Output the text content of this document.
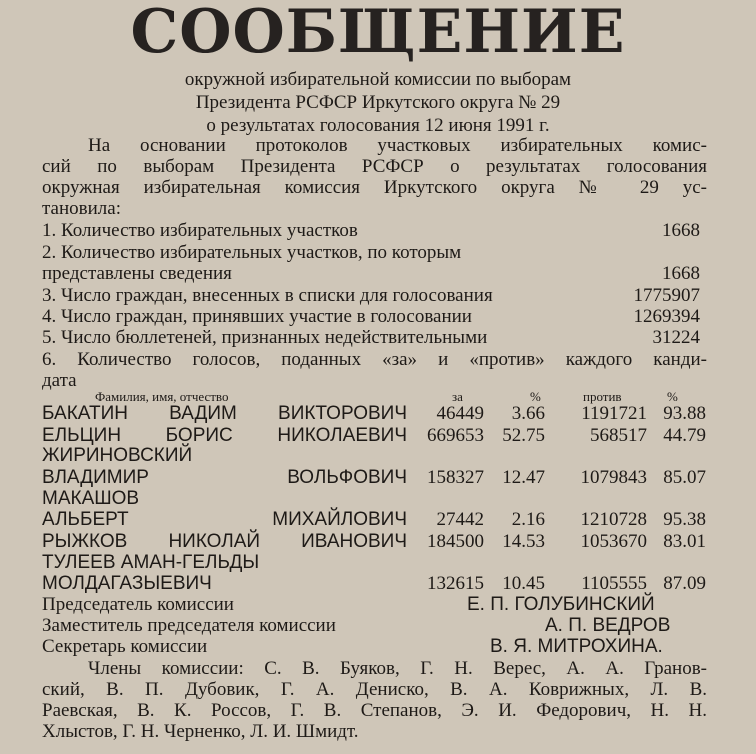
СООБЩЕНИЕ
окружной избирательной комиссии по выборам
Президента РСФСР Иркутского округа № 29
о результатах голосования 12 июня 1991 г.
На основании протоколов участковых избирательных комис-
сий по выборам Президента РСФСР о результатах голосования
окружная избирательная комиссия Иркутского округа № 29 ус-
тановила:
1. Количество избирательных участков	1668
2. Количество избирательных участков, по которым
представлены сведения	1668
3. Число граждан, внесенных в списки для голосования	1775907
4. Число граждан, принявших участие в голосовании	1269394
5. Число бюллетеней, признанных недействительными	31224
6. Количество голосов, поданных «за» и «против» каждого канди-
дата
Фамилия, имя, отчество	за	%	против	%
БАКАТИН ВАДИМ ВИКТОРОВИЧ	46449	3.66	1191721 93.88
ЕЛЬЦИН БОРИС НИКОЛАЕВИЧ	669653 52.75	568517 44.79
ЖИРИНОВСКИЙ
ВЛАДИМИР ВОЛЬФОВИЧ	158327 12.47	1079843 85.07
МАКАШОВ
АЛЬБЕРТ МИХАЙЛОВИЧ	27442	2.16	1210728 95.38
РЫЖКОВ НИКОЛАЙ ИВАНОВИЧ	184500 14.53	1053670 83.01
ТУЛЕЕВ АМАН-ГЕЛЬДЫ
МОЛДАГАЗЫЕВИЧ	132615 10.45	1105555 87.09
Председатель комиссии	Е. П. ГОЛУБИНСКИЙ
Заместитель председателя комиссии	А. П. ВЕДРОВ
Секретарь комиссии	В. Я. МИТРОХИНА.
Члены комиссии: С. В. Буяков, Г. Н. Верес, А. А. Гранов-
ский, В. П. Дубовик, Г. А. Дениско, В. А. Коврижных, Л. В.
Раевская, В. К. Россов, Г. В. Степанов, Э. И. Федорович, Н. Н.
Хлыстов, Г. Н. Черненко, Л. И. Шмидт.
